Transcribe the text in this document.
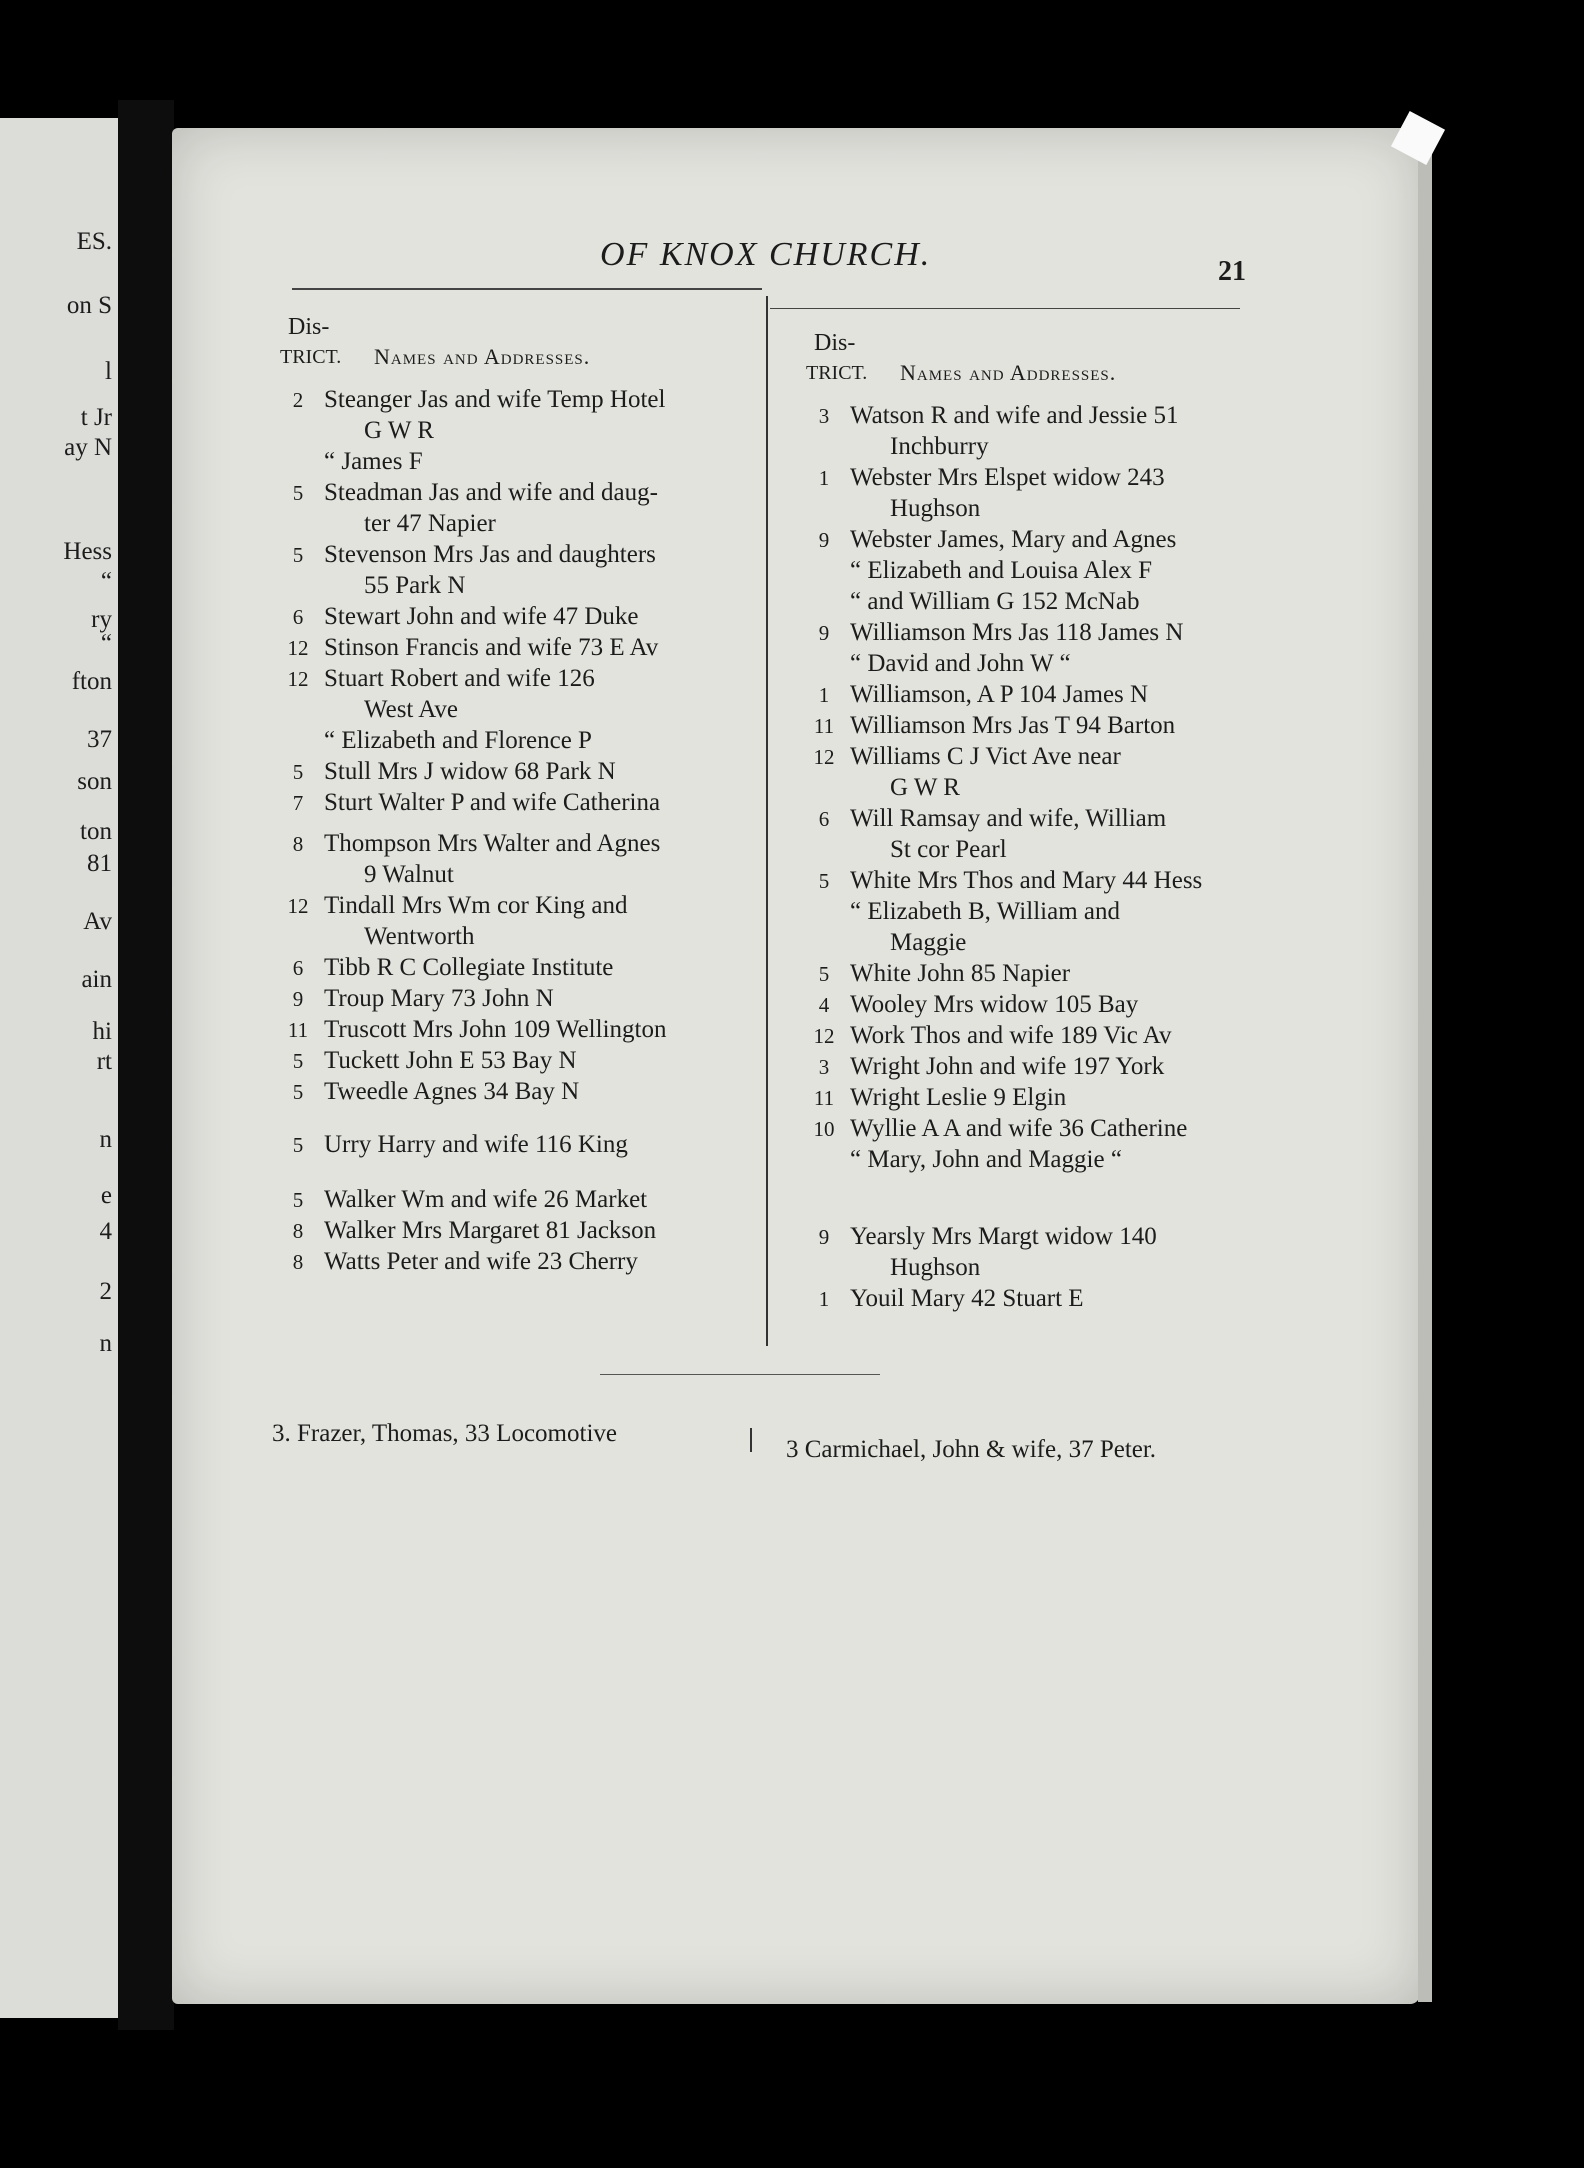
ES.
on S
l
t Jr
ay N
Hess
“
ry
“
fton
37
son
ton
81
Av
ain
hi
rt
n
e
4
2
n
OF KNOX CHURCH.	21
Dis-
TRICT. Names and Addresses.
2 Steanger Jas and wife Temp Hotel
G W R
“ James F
5 Steadman Jas and wife and daug-
ter 47 Napier
5 Stevenson Mrs Jas and daughters
55 Park N
6 Stewart John and wife 47 Duke
12 Stinson Francis and wife 73 E Av
12 Stuart Robert and wife 126
West Ave
“ Elizabeth and Florence P
5 Stull Mrs J widow 68 Park N
7 Sturt Walter P and wife Catherina
8 Thompson Mrs Walter and Agnes
9 Walnut
12 Tindall Mrs Wm cor King and
Wentworth
6 Tibb R C Collegiate Institute
9 Troup Mary 73 John N
11 Truscott Mrs John 109 Wellington
5 Tuckett John E 53 Bay N
5 Tweedle Agnes 34 Bay N
5 Urry Harry and wife 116 King
5 Walker Wm and wife 26 Market
8 Walker Mrs Margaret 81 Jackson
8 Watts Peter and wife 23 Cherry
Dis-
TRICT. Names and Addresses.
3 Watson R and wife and Jessie 51
Inchburry
1 Webster Mrs Elspet widow 243
Hughson
9 Webster James, Mary and Agnes
“ Elizabeth and Louisa Alex F
“ and William G 152 McNab
9 Williamson Mrs Jas 118 James N
“ David and John W “
1 Williamson, A P 104 James N
11 Williamson Mrs Jas T 94 Barton
12 Williams C J Vict Ave near
G W R
6 Will Ramsay and wife, William
St cor Pearl
5 White Mrs Thos and Mary 44 Hess
“ Elizabeth B, William and
Maggie
5 White John 85 Napier
4 Wooley Mrs widow 105 Bay
12 Work Thos and wife 189 Vic Av
3 Wright John and wife 197 York
11 Wright Leslie 9 Elgin
10 Wyllie A A and wife 36 Catherine
“ Mary, John and Maggie “
9 Yearsly Mrs Margt widow 140
Hughson
1 Youil Mary 42 Stuart E
3. Frazer, Thomas, 33 Locomotive
3 Carmichael, John & wife, 37 Peter.
